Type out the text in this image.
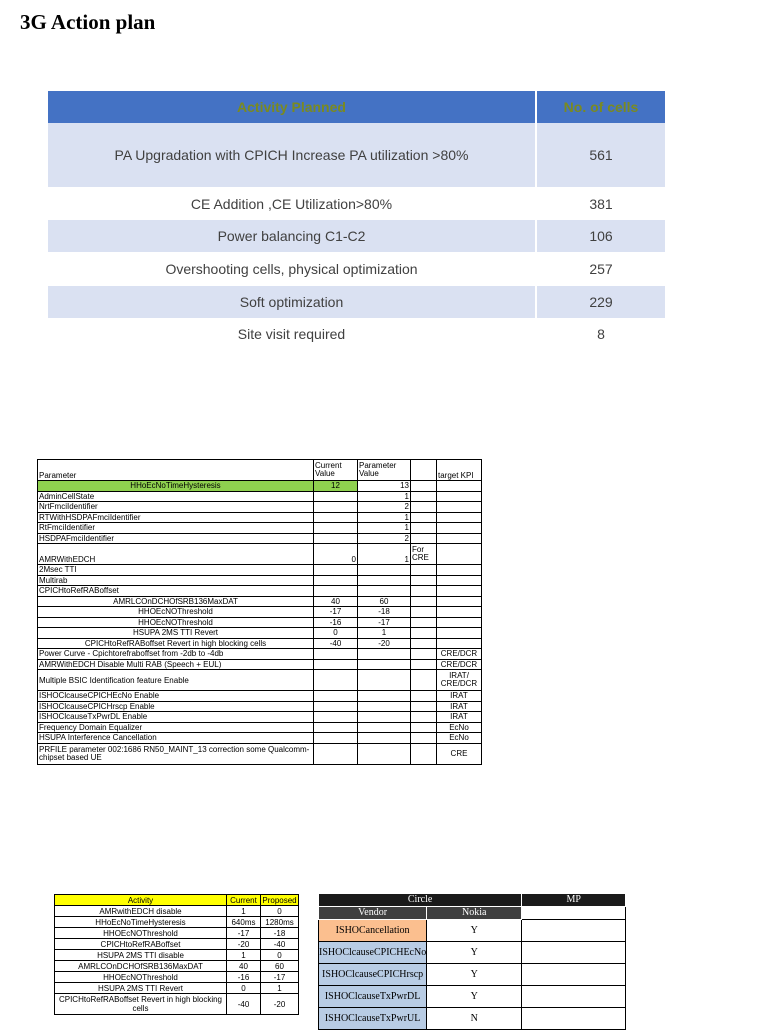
3G Action plan
Activity Planned	No. of cells
PA Upgradation with CPICH Increase PA utilization >80%	561
CE Addition ,CE Utilization>80%	381
Power balancing C1-C2	106
Overshooting cells, physical optimization	257
Soft optimization	229
Site visit required	8
Parameter	Current Value	Parameter Value		target KPI
HHoEcNoTimeHysteresis	12	13		
AdminCellState		1		
NrtFmciIdentifier		2		
RTWithHSDPAFmciIdentifier		1		
RtFmciIdentifier		1		
HSDPAFmciIdentifier		2		
AMRWithEDCH	0	1	For CRE	
2Msec TTI				
Multirab				
CPICHtoRefRABoffset				
AMRLCOnDCHOfSRB136MaxDAT	40	60		
HHOEcNOThreshold	-17	-18		
HHOEcNOThreshold	-16	-17		
HSUPA 2MS TTI Revert	0	1		
CPICHtoRefRABoffset Revert in high blocking cells	-40	-20		
Power Curve - Cpichtorefraboffset from -2db to -4db				CRE/DCR
AMRWithEDCH Disable Multi RAB (Speech + EUL)				CRE/DCR
Multiple BSIC Identification feature Enable				IRAT/ CRE/DCR
ISHOClcauseCPICHEcNo Enable				IRAT
ISHOClcauseCPICHrscp Enable				IRAT
ISHOClcauseTxPwrDL Enable				IRAT
Frequency Domain Equalizer				EcNo
HSUPA Interference Cancellation				EcNo
PRFILE parameter 002:1686 RN50_MAINT_13 correction some Qualcomm-chipset based UE				CRE
Activity	Current	Proposed
AMRwithEDCH disable	1	0
HHoEcNoTimeHysteresis	640ms	1280ms
HHOEcNOThreshold	-17	-18
CPICHtoRefRABoffset	-20	-40
HSUPA 2MS TTI disable	1	0
AMRLCOnDCHOfSRB136MaxDAT	40	60
HHOEcNOThreshold	-16	-17
HSUPA 2MS TTI Revert	0	1
CPICHtoRefRABoffset Revert in high blocking cells	-40	-20
Circle		MP
Vendor	Nokia	
ISHOCancellation	Y	
ISHOClcauseCPICHEcNo	Y	
ISHOClcauseCPICHrscp	Y	
ISHOClcauseTxPwrDL	Y	
ISHOClcauseTxPwrUL	N	
